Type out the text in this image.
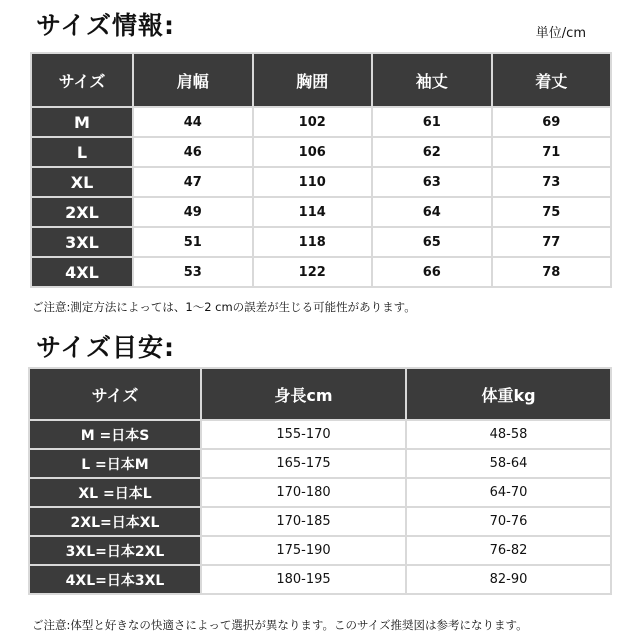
サイズ情報:	単位/cm
サイズ	肩幅	胸囲	袖丈	着丈
M	44	102	61	69
L	46	106	62	71
XL	47	110	63	73
2XL	49	114	64	75
3XL	51	118	65	77
4XL	53	122	66	78
ご注意:測定方法によっては、1〜2 cmの誤差が生じる可能性があります。
サイズ目安:
サイズ	身長cm	体重kg
M =日本S	155-170	48-58
L =日本M	165-175	58-64
XL =日本L	170-180	64-70
2XL=日本XL	170-185	70-76
3XL=日本2XL	175-190	76-82
4XL=日本3XL	180-195	82-90
ご注意:体型と好きなの快適さによって選択が異なります。このサイズ推奨図は参考になります。
